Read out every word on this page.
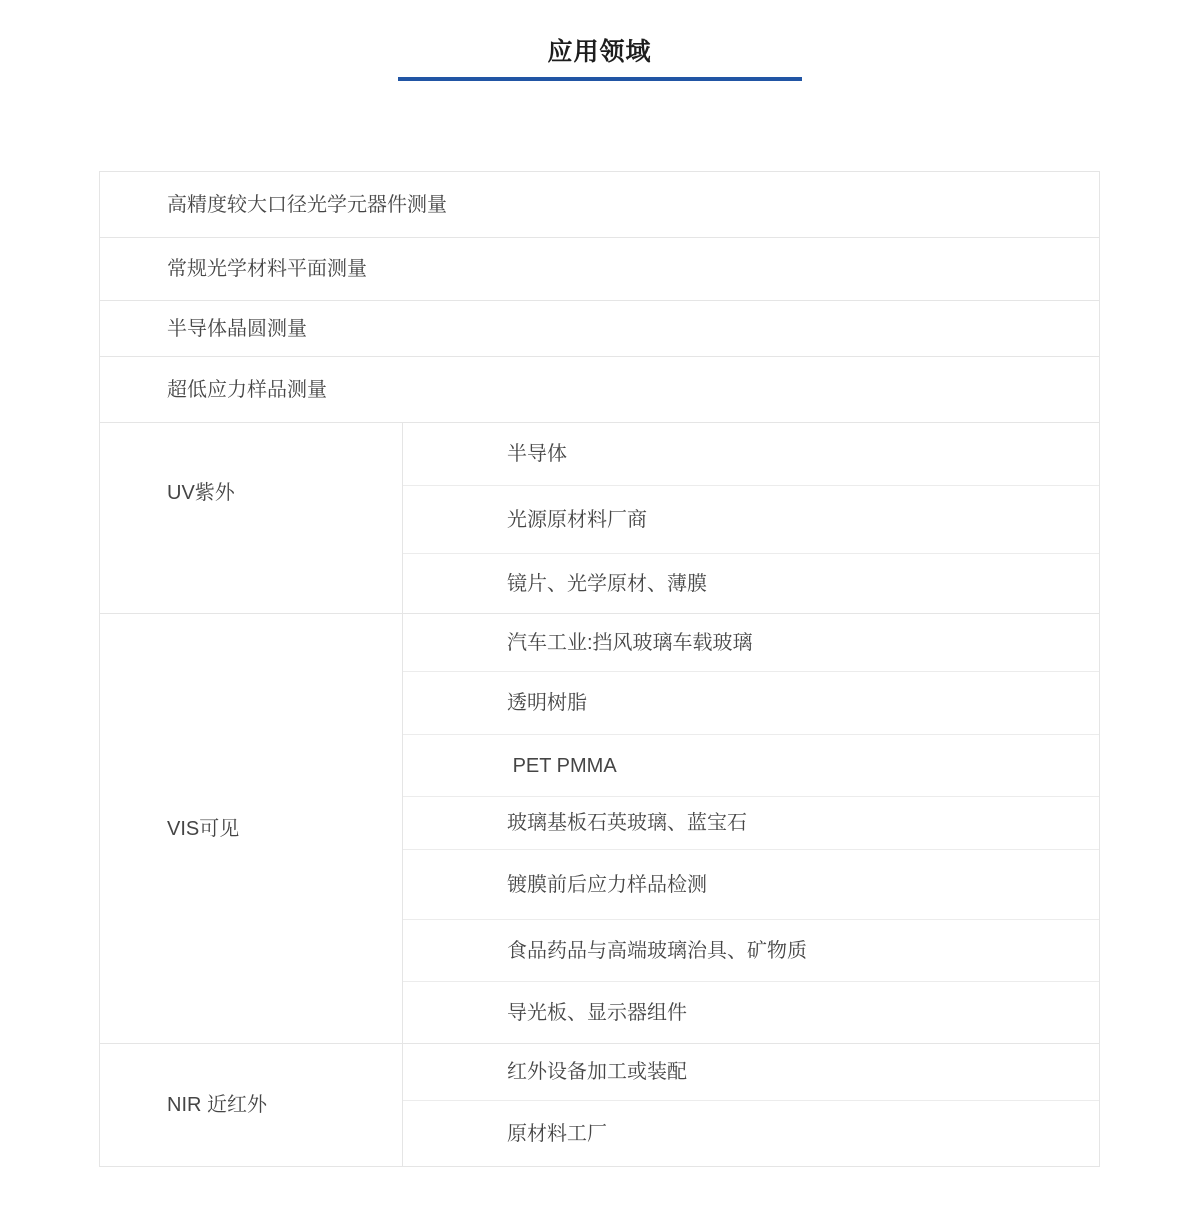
应用领域
高精度较大口径光学元器件测量
常规光学材料平面测量
半导体晶圆测量
超低应力样品测量
UV紫外
半导体
光源原材料厂商
镜片、光学原材、薄膜
VIS可见
汽车工业:挡风玻璃车载玻璃
透明树脂
PET PMMA
玻璃基板石英玻璃、蓝宝石
镀膜前后应力样品检测
食品药品与高端玻璃治具、矿物质
导光板、显示器组件
NIR 近红外
红外设备加工或装配
原材料工厂
